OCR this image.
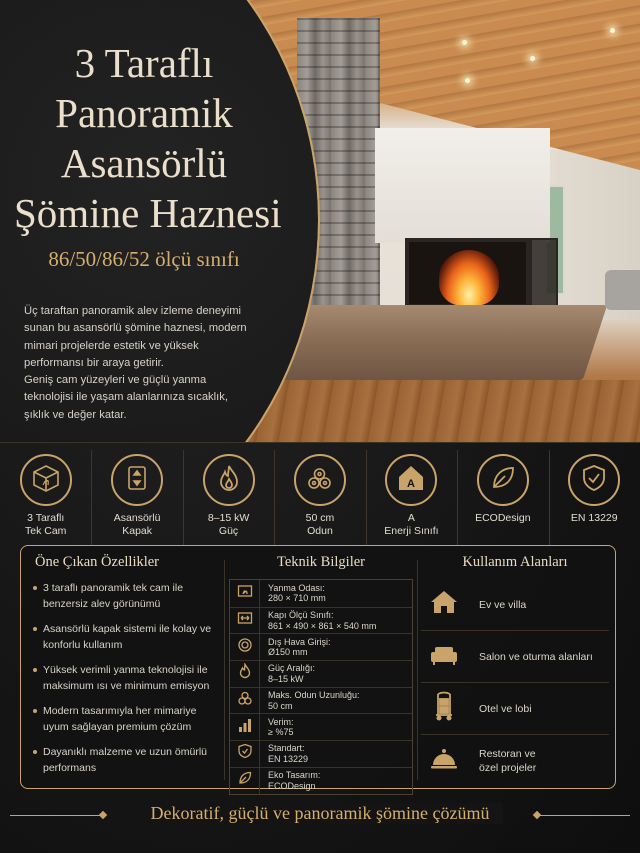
3 Taraflı
Panoramik
Asansörlü
Şömine Haznesi
86/50/86/52 ölçü sınıfı

Üç taraftan panoramik alev izleme deneyimi

sunan bu asansörlü şömine haznesi, modern

mimari projelerde estetik ve yüksek

performansı bir araya getirir.

Geniş cam yüzeyleri ve güçlü yanma

teknolojisi ile yaşam alanlarınıza sıcaklık,

şıklık ve değer katar.

3 Taraflı
Tek Cam
Asansörlü
Kapak
8–15 kW
Güç
50 cm
Odun
A
A
Enerji Sınıfı
ECODesign	EN 13229
Öne Çıkan Özellikler
3 taraflı panoramik tek cam ile
benzersiz alev görünümü
Asansörlü kapak sistemi ile kolay ve
konforlu kullanım
Yüksek verimli yanma teknolojisi ile
maksimum ısı ve minimum emisyon
Modern tasarımıyla her mimariye
uyum sağlayan premium çözüm
Dayanıklı malzeme ve uzun ömürlü
performans
Teknik Bilgiler
Yanma Odası:
280 × 710 mm
Kapı Ölçü Sınıfı:
861 × 490 × 861 × 540 mm
Dış Hava Girişi:
Ø150 mm
Güç Aralığı:
8–15 kW
Maks. Odun Uzunluğu:
50 cm
Verim:
≥ %75
Standart:
EN 13229
Eko Tasarım:
ECODesign
Kullanım Alanları
Ev ve villa
Salon ve oturma alanları
Otel ve lobi
Restoran ve
özel projeler
Dekoratif, güçlü ve panoramik şömine çözümü
